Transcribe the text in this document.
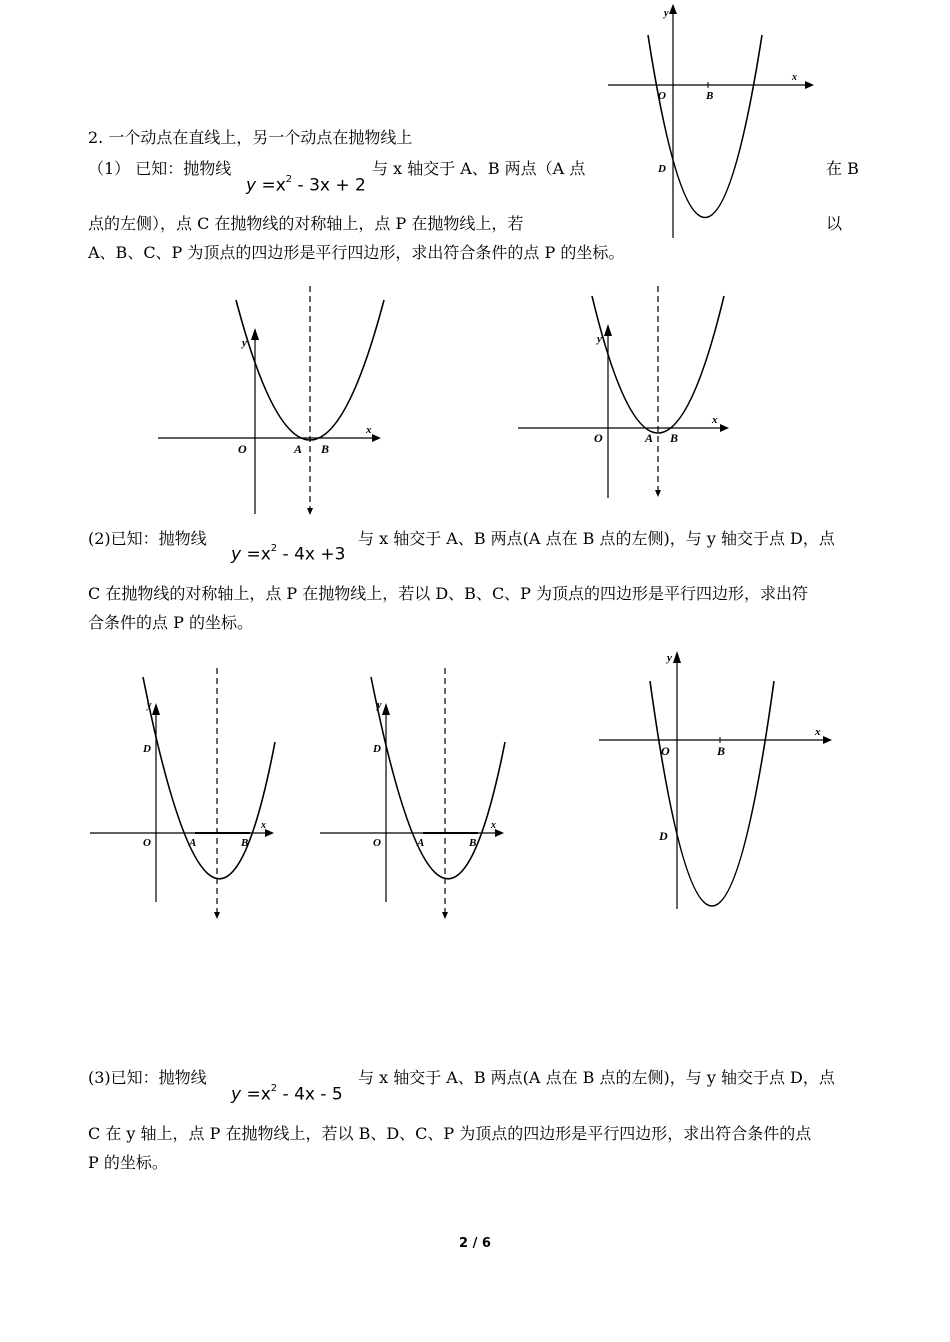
y
x
O	B
D
2. 一个动点在直线上，另一个动点在抛物线上
（1） 已知：抛物线
$y =x^2 - 3x + 2$
与 x 轴交于 A、B 两点（A 点	在 B
点的左侧），点 C 在抛物线的对称轴上，点 P 在抛物线上，若	以
A、B、C、P 为顶点的四边形是平行四边形，求出符合条件的点 P 的坐标。
y
x
O	A B
y
x
O	A B
(2)已知：抛物线
$y =x^2 - 4x +3$
与 x 轴交于 A、B 两点(A 点在 B 点的左侧)，与 y 轴交于点 D，点
C 在抛物线的对称轴上，点 P 在抛物线上，若以 D、B、C、P 为顶点的四边形是平行四边形，求出符
合条件的点 P 的坐标。
y
x
D
O	A	B
y
x
D
O	A	B
y
x
O	B
D
(3)已知：抛物线
$y =x^2 - 4x - 5$
与 x 轴交于 A、B 两点(A 点在 B 点的左侧)，与 y 轴交于点 D，点
C 在 y 轴上，点 P 在抛物线上，若以 B、D、C、P 为顶点的四边形是平行四边形，求出符合条件的点
P 的坐标。
2 / 6
